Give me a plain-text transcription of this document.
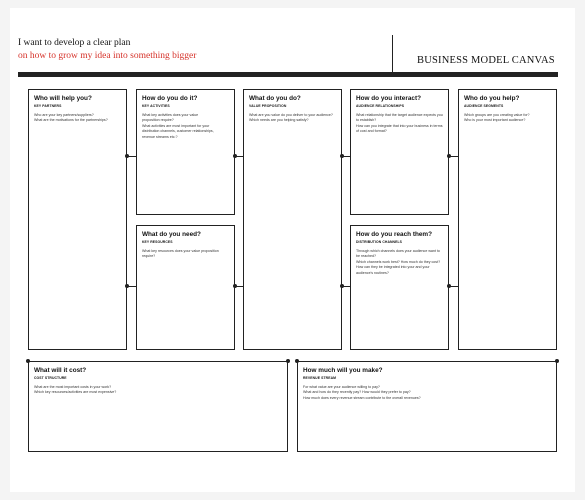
I want to develop a clear plan
on how to grow my idea into something bigger	BUSINESS MODEL CANVAS
Who will help you?
KEY PARTNERS
Who are your key partners/suppliers?
What are the motivations for the partnerships?
How do you do it?
KEY ACTIVITIES
What key activities does your value
proposition require?
What activities are most important for your
distribution channels, customer relationships,
revenue streams etc.?
What do you do?
VALUE PROPOSITION
What are you value do you deliver to your audience?
Which needs are you helping satisfy?
How do you interact?
AUDIENCE RELATIONSHIPS
What relationship that the target audience expects you
to establish?
How can you integrate that into your business in terms
of cost and format?
Who do you help?
AUDIENCE SEGMENTS
Which groups are you creating value for?
Who is your most important audience?
What do you need?
KEY RESOURCES
What key resources does your value proposition
require?
How do you reach them?
DISTRIBUTION CHANNELS
Through which channels does your audience want to
be reached?
Which channels work best? How much do they cost?
How can they be integrated into your and your
audience's routines?
What will it cost?
COST STRUCTURE
What are the most important costs in your work?
Which key resources/activities are most expensive?
How much will you make?
REVENUE STREAM
For what value are your audience willing to pay?
What and how do they recently pay? How would they prefer to pay?
How much does every revenue stream contribute to the overall revenues?
